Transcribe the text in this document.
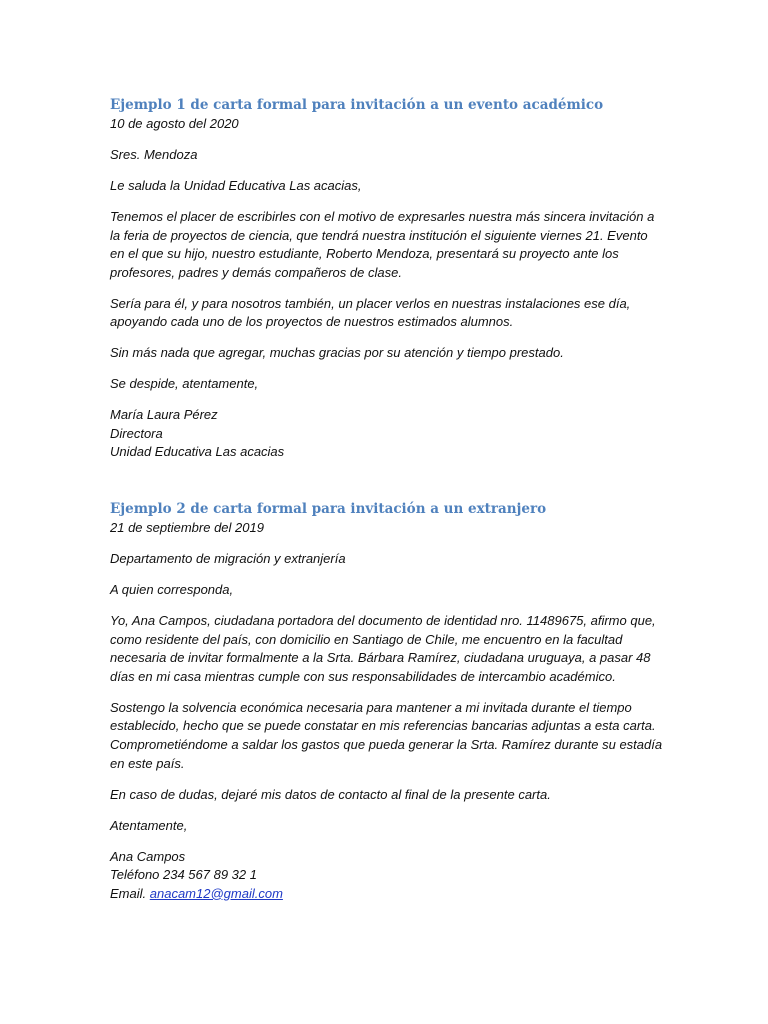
Ejemplo 1 de carta formal para invitación a un evento académico

10 de agosto del 2020
Sres. Mendoza
Le saluda la Unidad Educativa Las acacias,
Tenemos el placer de escribirles con el motivo de expresarles nuestra más sincera invitación a
la feria de proyectos de ciencia, que tendrá nuestra institución el siguiente viernes 21. Evento
en el que su hijo, nuestro estudiante, Roberto Mendoza, presentará su proyecto ante los
profesores, padres y demás compañeros de clase.
Sería para él, y para nosotros también, un placer verlos en nuestras instalaciones ese día,
apoyando cada uno de los proyectos de nuestros estimados alumnos.
Sin más nada que agregar, muchas gracias por su atención y tiempo prestado.
Se despide, atentamente,
María Laura Pérez
Directora
Unidad Educativa Las acacias

Ejemplo 2 de carta formal para invitación a un extranjero

21 de septiembre del 2019
Departamento de migración y extranjería
A quien corresponda,
Yo, Ana Campos, ciudadana portadora del documento de identidad nro. 11489675, afirmo que,
como residente del país, con domicilio en Santiago de Chile, me encuentro en la facultad
necesaria de invitar formalmente a la Srta. Bárbara Ramírez, ciudadana uruguaya, a pasar 48
días en mi casa mientras cumple con sus responsabilidades de intercambio académico.
Sostengo la solvencia económica necesaria para mantener a mi invitada durante el tiempo
establecido, hecho que se puede constatar en mis referencias bancarias adjuntas a esta carta.
Comprometiéndome a saldar los gastos que pueda generar la Srta. Ramírez durante su estadía
en este país.
En caso de dudas, dejaré mis datos de contacto al final de la presente carta.
Atentamente,
Ana Campos
Teléfono 234 567 89 32 1
Email. anacam12@gmail.com
